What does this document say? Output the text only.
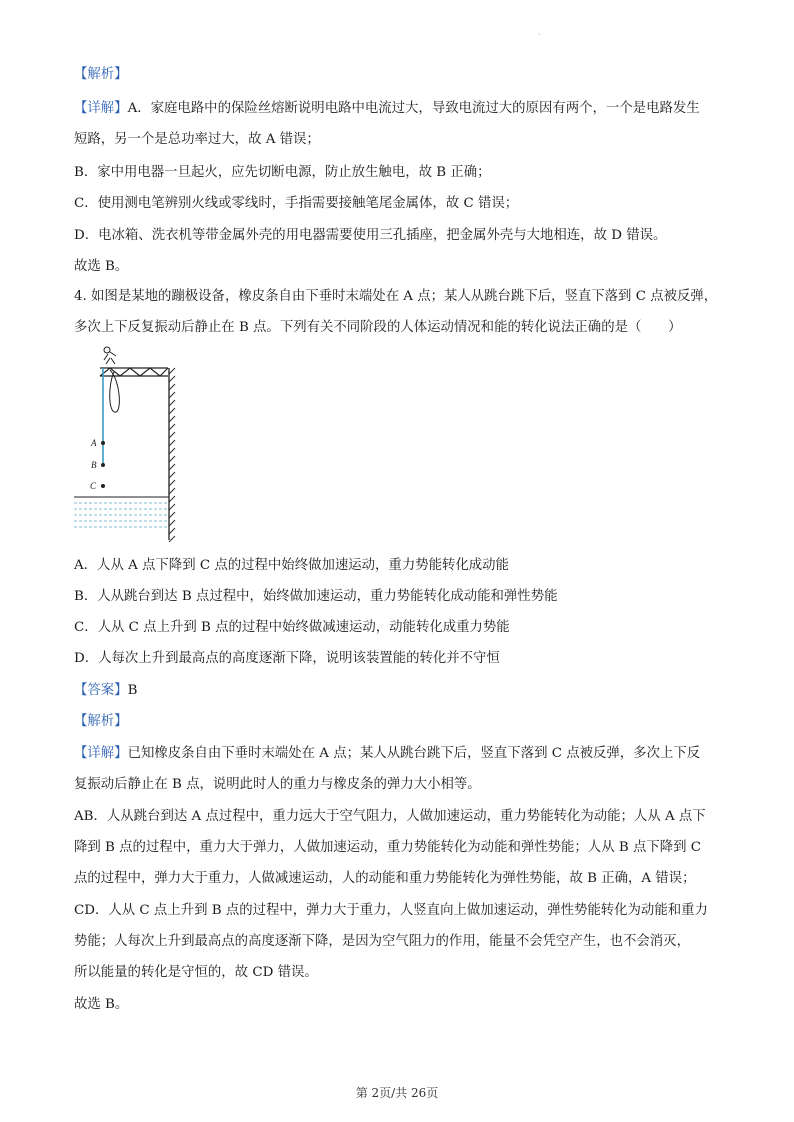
·
【解析】
【详解】A．家庭电路中的保险丝熔断说明电路中电流过大，导致电流过大的原因有两个，一个是电路发生
短路，另一个是总功率过大，故 A 错误；
B．家中用电器一旦起火，应先切断电源，防止放生触电，故 B 正确；
C．使用测电笔辨别火线或零线时，手指需要接触笔尾金属体，故 C 错误；
D．电冰箱、洗衣机等带金属外壳的用电器需要使用三孔插座，把金属外壳与大地相连，故 D 错误。
故选 B。
4. 如图是某地的蹦极设备，橡皮条自由下垂时末端处在 A 点；某人从跳台跳下后，竖直下落到 C 点被反弹，
多次上下反复振动后静止在 B 点。下列有关不同阶段的人体运动情况和能的转化说法正确的是（　　）
A
B
C
A．人从 A 点下降到 C 点的过程中始终做加速运动，重力势能转化成动能
B．人从跳台到达 B 点过程中，始终做加速运动，重力势能转化成动能和弹性势能
C．人从 C 点上升到 B 点的过程中始终做减速运动，动能转化成重力势能
D．人每次上升到最高点的高度逐渐下降，说明该装置能的转化并不守恒
【答案】B
【解析】
【详解】已知橡皮条自由下垂时末端处在 A 点；某人从跳台跳下后，竖直下落到 C 点被反弹，多次上下反
复振动后静止在 B 点，说明此时人的重力与橡皮条的弹力大小相等。
AB．人从跳台到达 A 点过程中，重力远大于空气阻力，人做加速运动，重力势能转化为动能；人从 A 点下
降到 B 点的过程中，重力大于弹力，人做加速运动，重力势能转化为动能和弹性势能；人从 B 点下降到 C
点的过程中，弹力大于重力，人做减速运动，人的动能和重力势能转化为弹性势能，故 B 正确，A 错误；
CD．人从 C 点上升到 B 点的过程中，弹力大于重力，人竖直向上做加速运动，弹性势能转化为动能和重力
势能；人每次上升到最高点的高度逐渐下降，是因为空气阻力的作用，能量不会凭空产生，也不会消灭，
所以能量的转化是守恒的，故 CD 错误。
故选 B。
第 2页/共 26页
